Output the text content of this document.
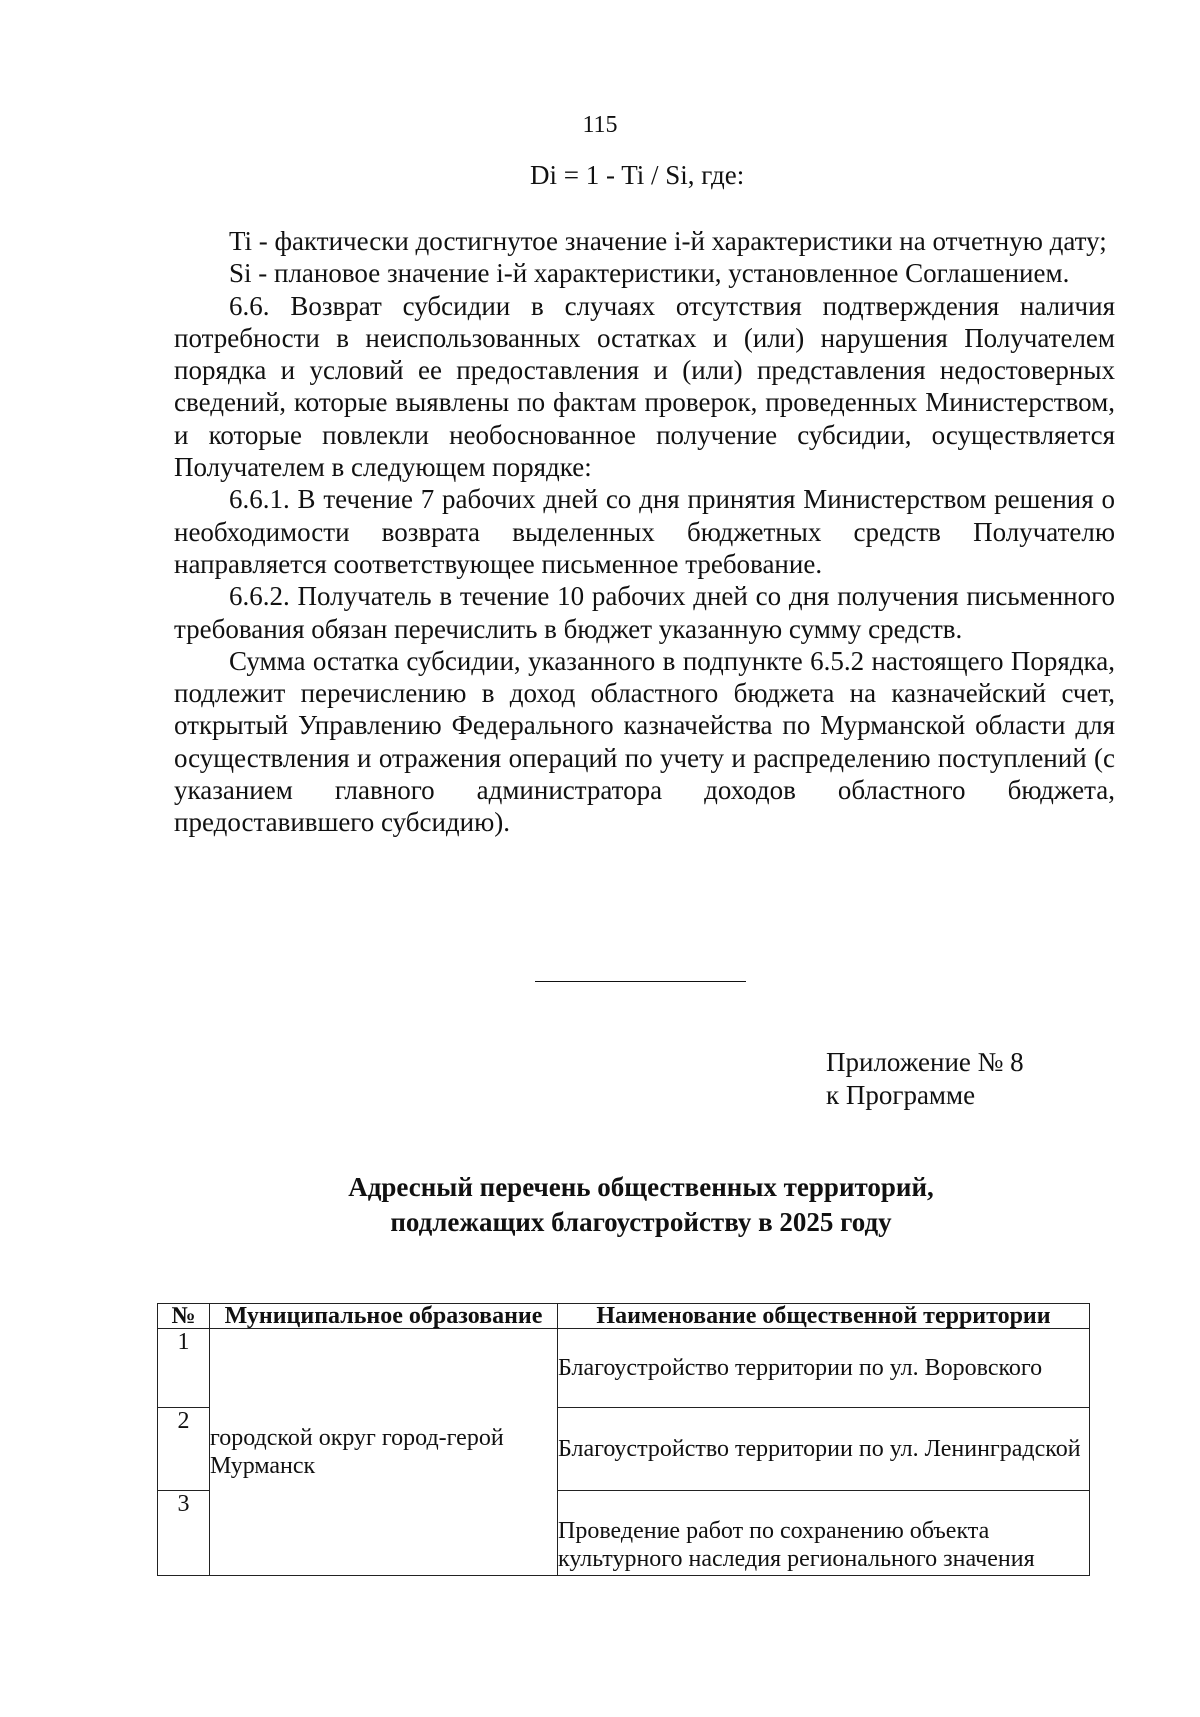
115
Di = 1 - Ti / Si, где:

Ti - фактически достигнутое значение i-й характеристики на отчетную дату;

Si - плановое значение i-й характеристики, установленное Соглашением.

6.6. Возврат субсидии в случаях отсутствия подтверждения наличия потребности в неиспользованных остатках и (или) нарушения Получателем порядка и условий ее предоставления и (или) представления недостоверных сведений, которые выявлены по фактам проверок, проведенных Министерством, и которые повлекли необоснованное получение субсидии, осуществляется Получателем в следующем порядке:

6.6.1. В течение 7 рабочих дней со дня принятия Министерством решения о необходимости возврата выделенных бюджетных средств Получателю направляется соответствующее письменное требование.

6.6.2. Получатель в течение 10 рабочих дней со дня получения письменного требования обязан перечислить в бюджет указанную сумму средств.

Сумма остатка субсидии, указанного в подпункте 6.5.2 настоящего Порядка, подлежит перечислению в доход областного бюджета на казначейский счет, открытый Управлению Федерального казначейства по Мурманской области для осуществления и отражения операций по учету и распределению поступлений (с указанием главного администратора доходов областного бюджета, предоставившего субсидию).

Приложение № 8
к Программе
Адресный перечень общественных территорий,
подлежащих благоустройству в 2025 году
№	Муниципальное образование	Наименование общественной территории
1	городской округ город-герой Мурманск	Благоустройство территории по ул. Воровского
2		Благоустройство территории по ул. Ленинградской
3		Проведение работ по сохранению объекта культурного наследия регионального значения
